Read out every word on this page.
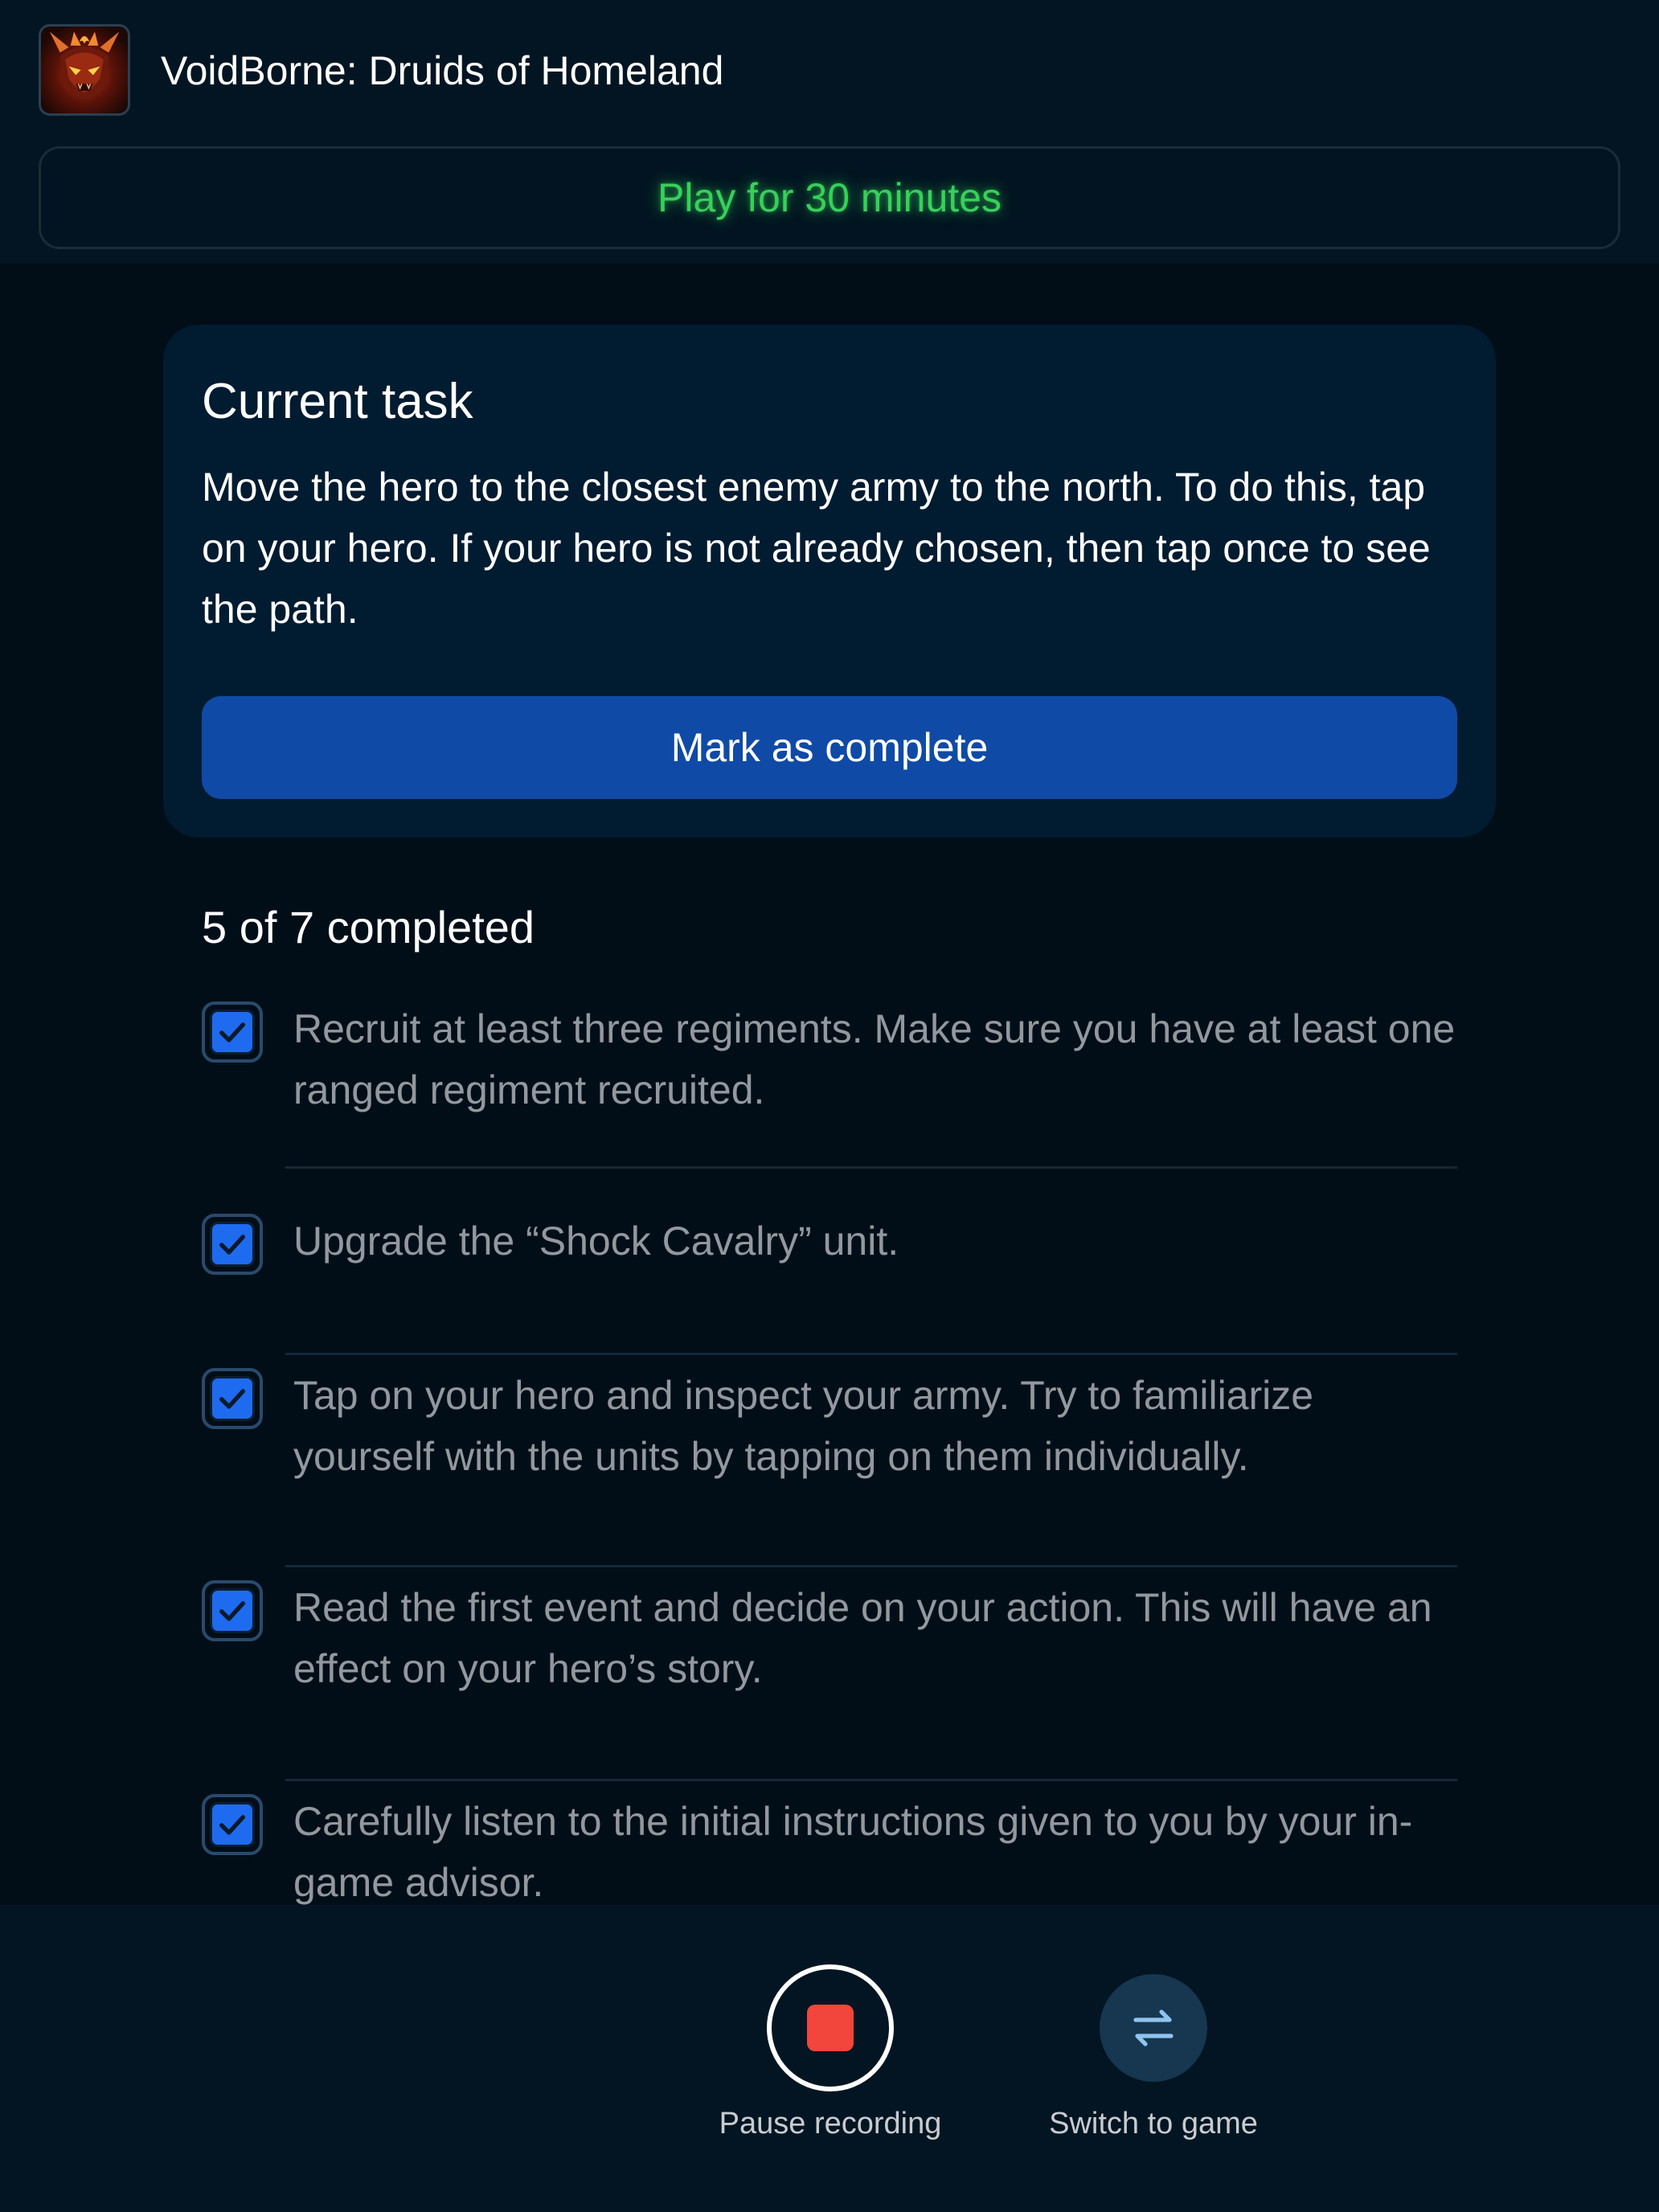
VoidBorne: Druids of Homeland
Play for 30 minutes
Current task
Move the hero to the closest enemy army to the north. To do this, tap on your hero. If your hero is not already chosen, then tap once to see the path.
Mark as complete
5 of 7 completed
Recruit at least three regiments. Make sure you have at least one ranged regiment recruited.
Upgrade the “Shock Cavalry” unit.
Tap on your hero and inspect your army. Try to familiarize yourself with the units by tapping on them individually.
Read the first event and decide on your action. This will have an effect on your hero’s story.
Carefully listen to the initial instructions given to you by your in-game advisor.
Pause recording	Switch to game
